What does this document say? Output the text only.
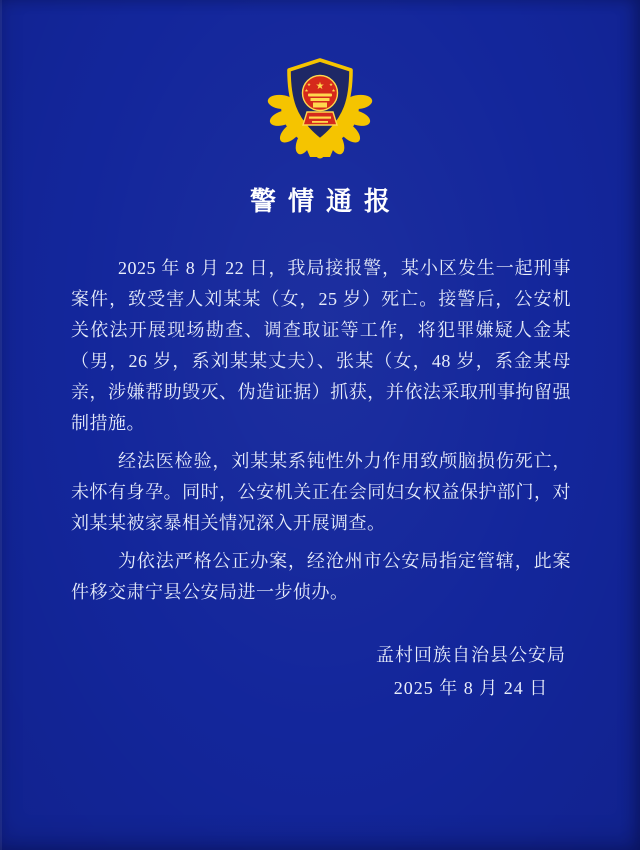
★
★
★
★
★
警情通报

2025 年 8 月 22 日，我局接报警，某小区发生一起刑事案件，致受害人刘某某（女，25 岁）死亡。接警后，公安机关依法开展现场勘查、调查取证等工作，将犯罪嫌疑人金某（男，26 岁，系刘某某丈夫）、张某（女，48 岁，系金某母亲，涉嫌帮助毁灭、伪造证据）抓获，并依法采取刑事拘留强制措施。

经法医检验，刘某某系钝性外力作用致颅脑损伤死亡，未怀有身孕。同时，公安机关正在会同妇女权益保护部门，对刘某某被家暴相关情况深入开展调查。

为依法严格公正办案，经沧州市公安局指定管辖，此案件移交肃宁县公安局进一步侦办。

孟村回族自治县公安局
2025 年 8 月 24 日
